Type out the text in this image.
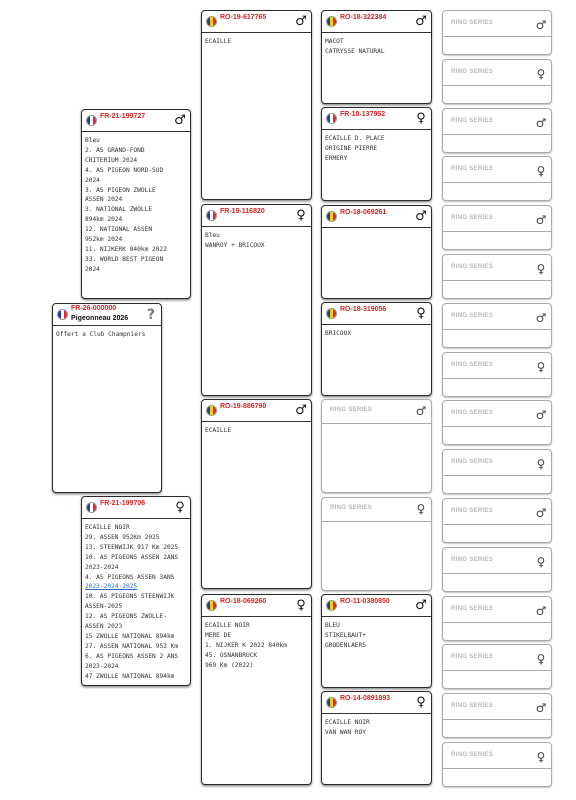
FR-26-000000
Pigeonneau 2026 ?
Offert a Club Champniers
FR-21-199727 ♂
Bleu
2. AS GRAND-FOND
CRITERIUM 2024
4. AS PIGEON NORD-SUD
2024
3. AS PIGEON ZWOLLE
ASSEN 2024
3. NATIONAL ZWOLLE
894km 2024
12. NATIONAL ASSEN
952km 2024
11. NIJKERK 840km 2022
33. WORLD BEST PIGEON
2024
FR-21-199706 ♀
ECAILLE NOIR
29. ASSEN 952Km 2025
13. STEENWIJK 917 Km 2025
10. AS PIGEONS ASSEN 2ANS
2023-2024
4. AS PIGEONS ASSEN 3ANS
2023-2024-2025
10. AS PIGEONS STEENWIJK
ASSEN-2025
12. AS PIGEONS ZWOLLE-
ASSEN 2023
15 ZWOLLE NATIONAL 894km
27. ASSEN NATIONAL 952 Km
6. AS PIGEONS ASSEN 2 ANS
2023-2024
47 ZWOLLE NATIONAL 894km
RO-19-617765 ♂
ECAILLE
FR-19-116820 ♀
Bleu
WANROY + BRICOUX
RO-19-886790 ♂
ECAILLE
RO-18-069260 ♀
ECAILLE NOIR
MERE DE
1. NIJKER K 2022 840km
45. OSNANBRUCK
969 Km (2022)
RO-18-322384 ♂
MACOT
CATRYSSE NATURAL
FR-18-137952 ♀
ECAILLE D. PLACE
ORIGINE PIERRE
ERMERY
RO-18-069261 ♂
RO-18-319056 ♀
BRICOUX
RO-11-0380850 ♂
BLEU
STIKELBAUT+
GRODENLAERS
RO-14-0891893 ♀
ECAILLE NOIR
VAN WAN ROY
RING SERIES	♂
RING SERIES	♀
RING SERIES	♂
RING SERIES	♀
RING SERIES	♂
RING SERIES	♀
RING SERIES	♂
RING SERIES	♀
RING SERIES	♂
RING SERIES	♀
RING SERIES	♂
RING SERIES	♀
RING SERIES	♂
RING SERIES	♀
RING SERIES	♂
RING SERIES	♀
RING SERIES	♂
RING SERIES	♀
